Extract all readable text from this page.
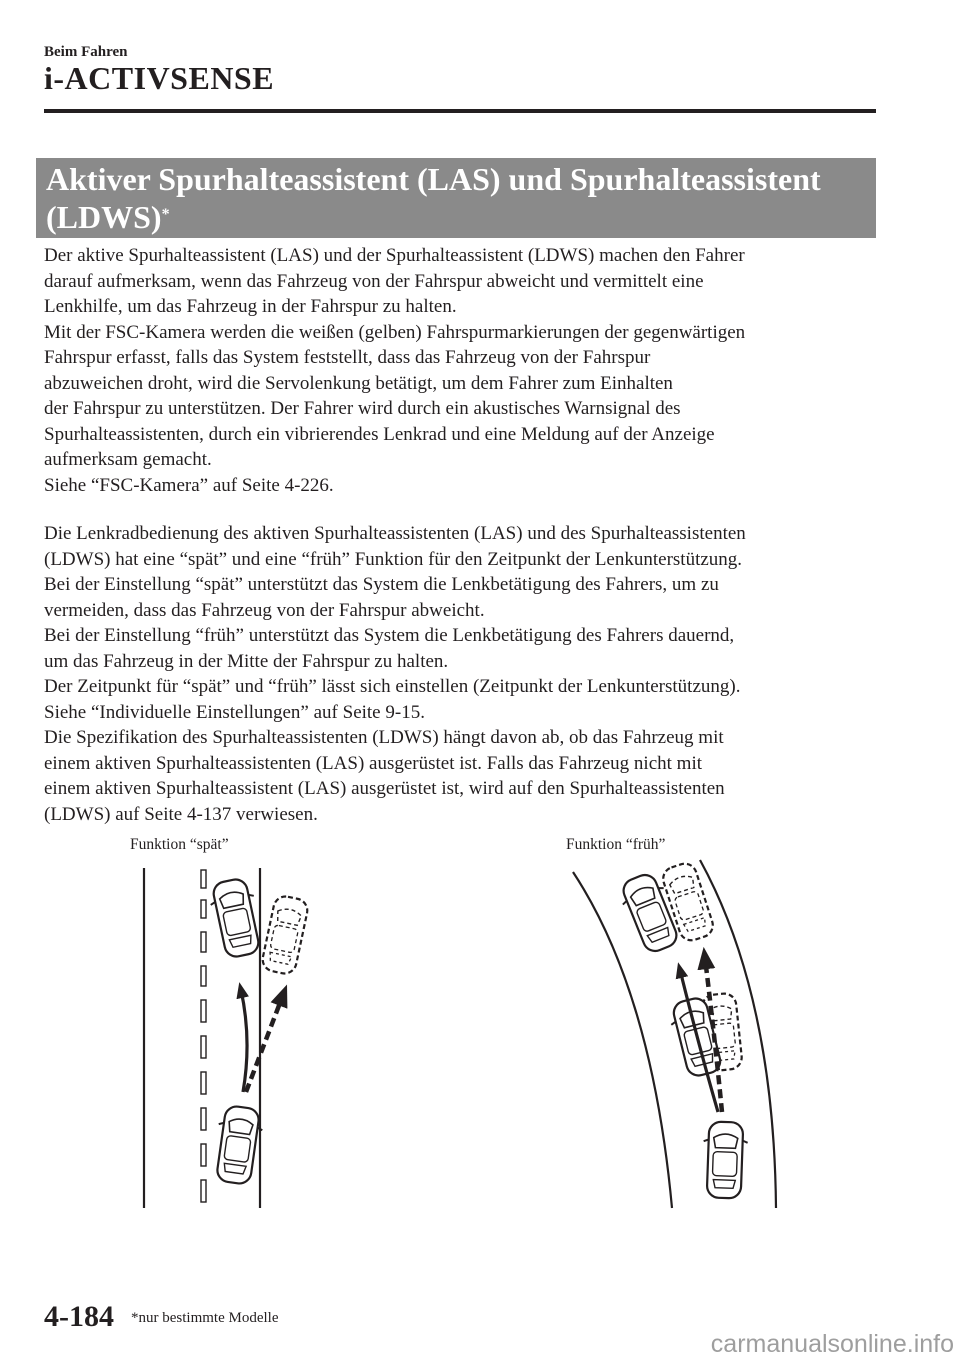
Beim Fahren
i-ACTIVSENSE
Aktiver Spurhalteassistent (LAS) und Spurhalteassistent
(LDWS)*

Der aktive Spurhalteassistent (LAS) und der Spurhalteassistent (LDWS) machen den Fahrer

darauf aufmerksam, wenn das Fahrzeug von der Fahrspur abweicht und vermittelt eine

Lenkhilfe, um das Fahrzeug in der Fahrspur zu halten.

Mit der FSC-Kamera werden die weißen (gelben) Fahrspurmarkierungen der gegenwärtigen

Fahrspur erfasst, falls das System feststellt, dass das Fahrzeug von der Fahrspur

abzuweichen droht, wird die Servolenkung betätigt, um dem Fahrer zum Einhalten

der Fahrspur zu unterstützen. Der Fahrer wird durch ein akustisches Warnsignal des

Spurhalteassistenten, durch ein vibrierendes Lenkrad und eine Meldung auf der Anzeige

aufmerksam gemacht.

Siehe “FSC-Kamera” auf Seite 4-226.

Die Lenkradbedienung des aktiven Spurhalteassistenten (LAS) und des Spurhalteassistenten

(LDWS) hat eine “spät” und eine “früh” Funktion für den Zeitpunkt der Lenkunterstützung.

Bei der Einstellung “spät” unterstützt das System die Lenkbetätigung des Fahrers, um zu

vermeiden, dass das Fahrzeug von der Fahrspur abweicht.

Bei der Einstellung “früh” unterstützt das System die Lenkbetätigung des Fahrers dauernd,

um das Fahrzeug in der Mitte der Fahrspur zu halten.

Der Zeitpunkt für “spät” und “früh” lässt sich einstellen (Zeitpunkt der Lenkunterstützung).

Siehe “Individuelle Einstellungen” auf Seite 9-15.

Die Spezifikation des Spurhalteassistenten (LDWS) hängt davon ab, ob das Fahrzeug mit

einem aktiven Spurhalteassistenten (LAS) ausgerüstet ist. Falls das Fahrzeug nicht mit

einem aktiven Spurhalteassistent (LAS) ausgerüstet ist, wird auf den Spurhalteassistenten

(LDWS) auf Seite 4-137 verwiesen.

Funktion “spät”	Funktion “früh”
4-184 *nur bestimmte Modelle
carmanualsonline.info
